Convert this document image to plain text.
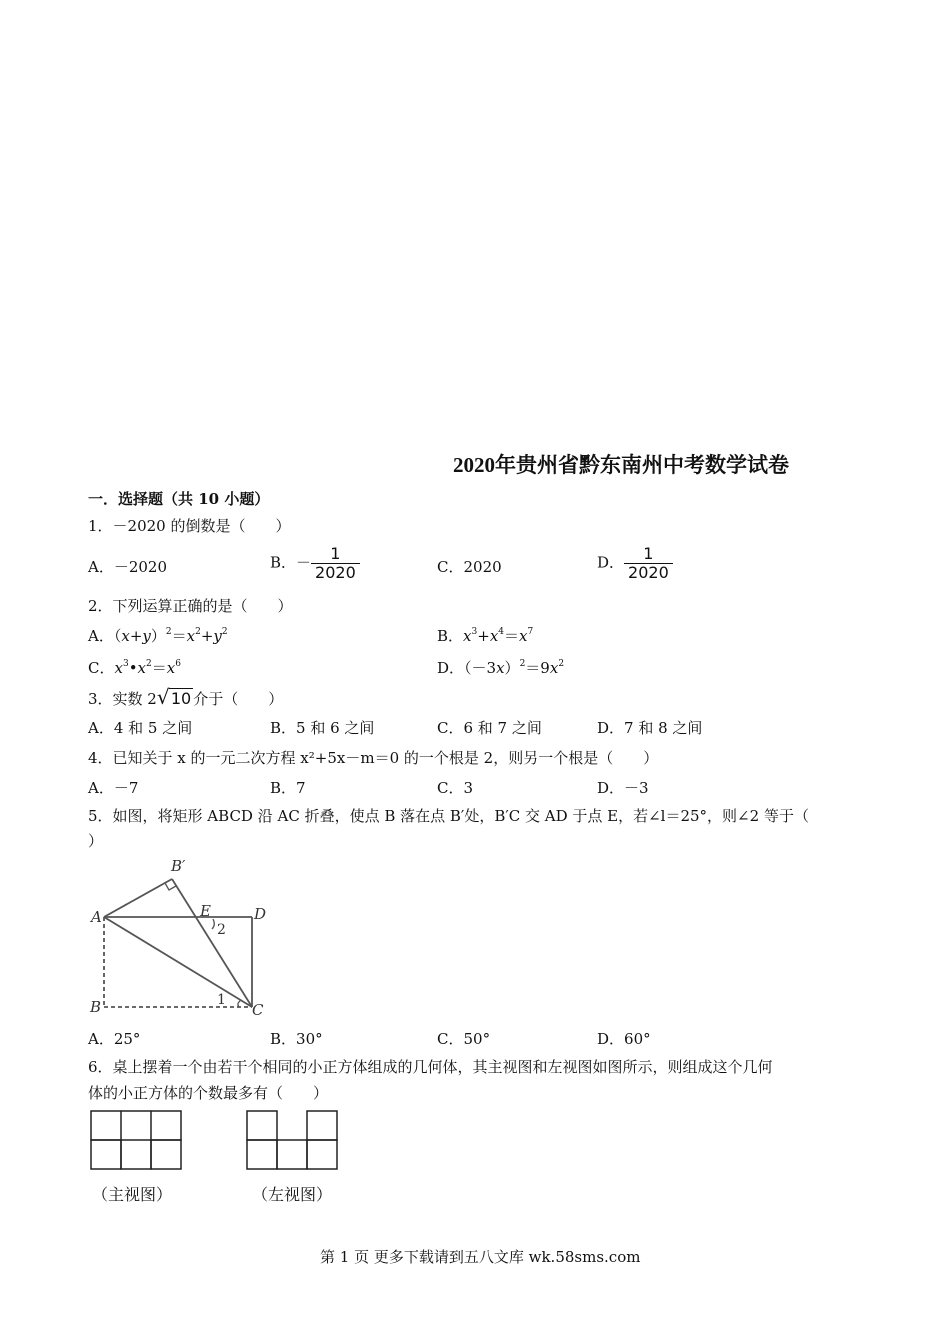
2020年贵州省黔东南州中考数学试卷
一．选择题（共 10 小题）
1．－2020 的倒数是（　　）
A．－2020	B．－ $\frac{1}{2020}$	C．2020	D． $\frac{1}{2020}$
2．下列运算正确的是（　　）
A．$(x+y)^2=x^2+y^2$	B．$x^3+x^4=x^7$
C．$x^3•x^2=x^6$	D．$(-3x)^2=9x^2$
3．实数 2 √ 10 介于（　　）
A．4 和 5 之间	B．5 和 6 之间	C．6 和 7 之间	D．7 和 8 之间
4．已知关于 x 的一元二次方程 x²+5x－m＝0 的一个根是 2，则另一个根是（　　）
A．－7	B．7	C．3	D．－3
5．如图，将矩形 ABCD 沿 AC 折叠，使点 B 落在点 B′处，B′C 交 AD 于点 E，若∠l＝25°，则∠2 等于（
）
A
B	C
D
E
B′
1
2
A．25°	B．30°	C．50°	D．60°
6．桌上摆着一个由若干个相同的小正方体组成的几何体，其主视图和左视图如图所示，则组成这个几何
体的小正方体的个数最多有（　　）
（主视图）	（左视图）
第 1 页 更多下载请到五八文库 wk.58sms.com
